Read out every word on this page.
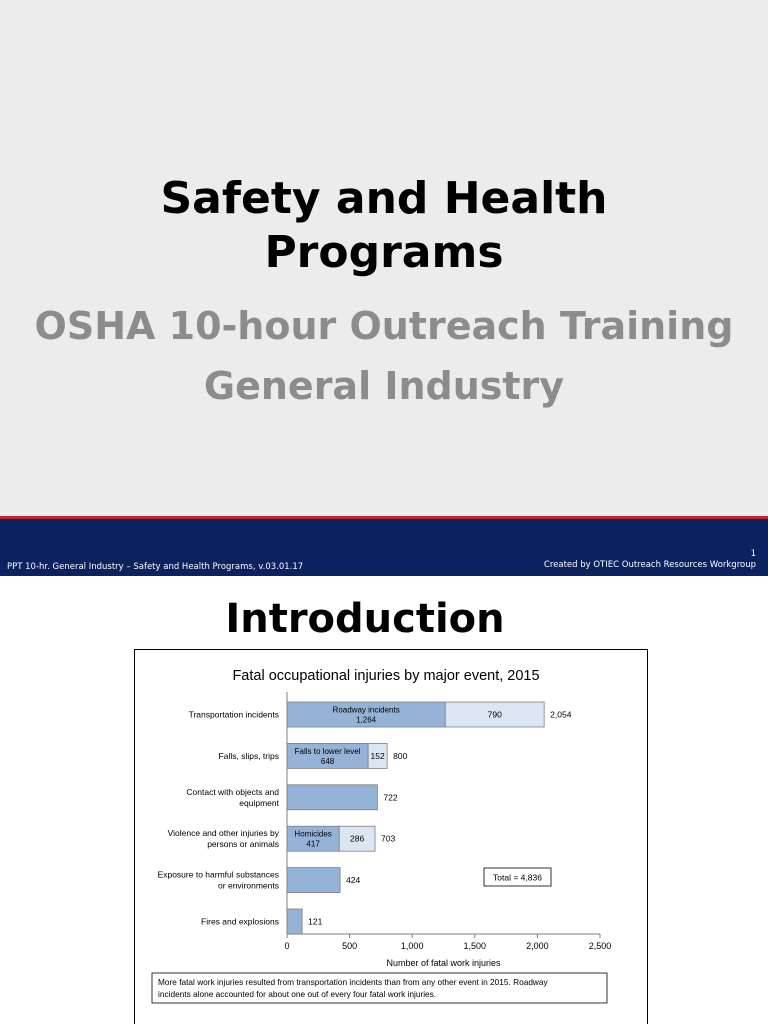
Safety and Health
Programs
OSHA 10-hour Outreach Training
General Industry
PPT 10-hr. General Industry – Safety and Health Programs, v.03.01.17
1
Created by OTIEC Outreach Resources Workgroup
Introduction
Fatal occupational injuries by major event, 2015
0	500	1,000	1,500	2,000	2,500
Number of fatal work injuries
Transportation incidents	Roadway incidents
1,264
790	2,054
Falls, slips, trips Falls to lower level
648
152 800
Contact with objects and
equipment
722
Violence and other injuries by
persons or animals
Homicides
417
286 703
Exposure to harmful substances
or environments
424
Fires and explosions	121
Total = 4,836
More fatal work injuries resulted from transportation incidents than from any other event in 2015. Roadway
incidents alone accounted for about one out of every four fatal work injuries.
